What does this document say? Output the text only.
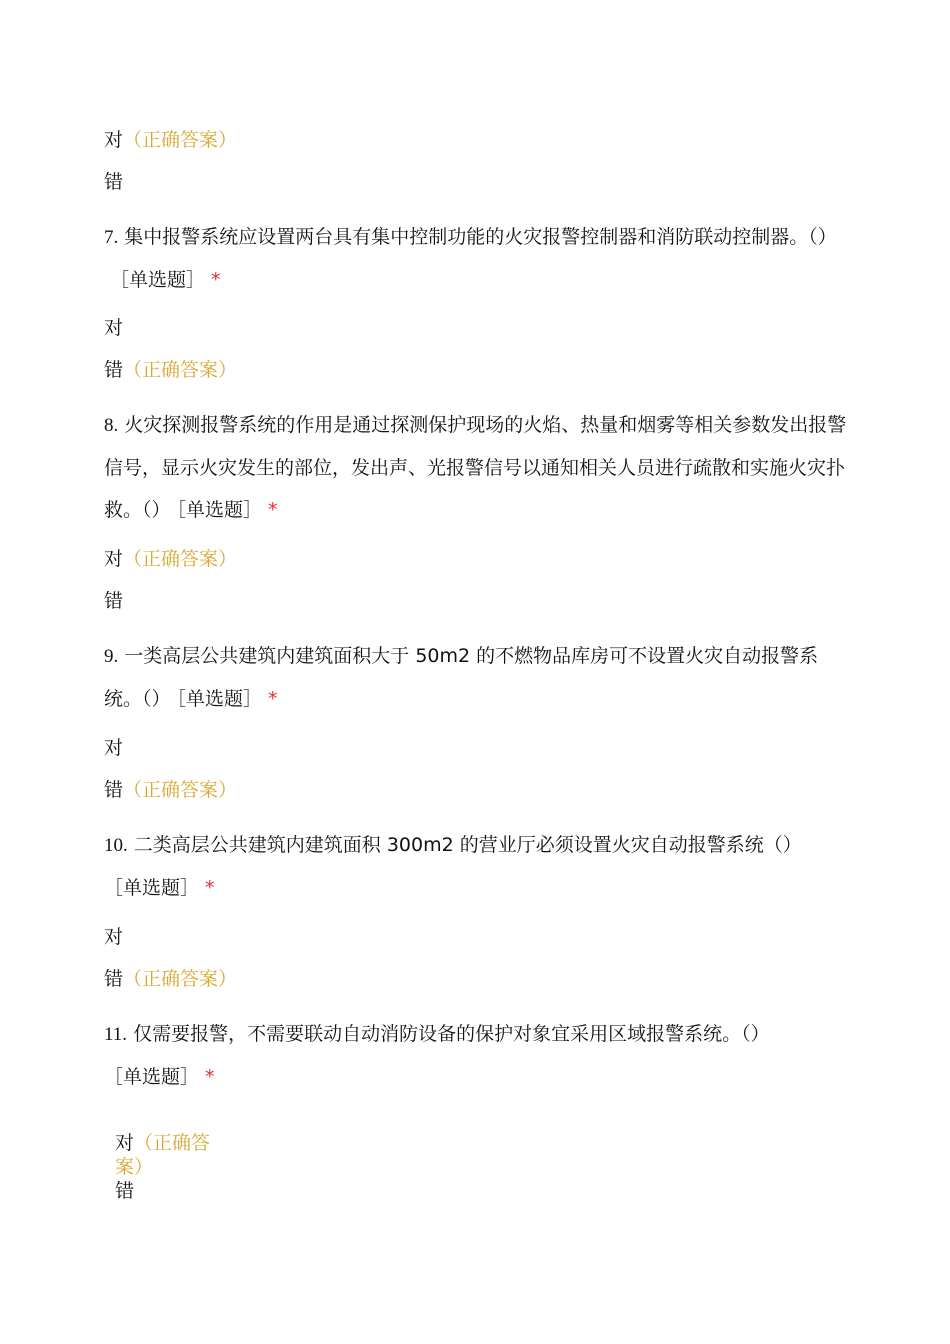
对（正确答案）
错
7. 集中报警系统应设置两台具有集中控制功能的火灾报警控制器和消防联动控制器。（）［单选题］ *
对
错（正确答案）
8. 火灾探测报警系统的作用是通过探测保护现场的火焰、热量和烟雾等相关参数发出报警信号，显示火灾发生的部位，发出声、光报警信号以通知相关人员进行疏散和实施火灾扑救。（） ［单选题］ *
对（正确答案）
错
9. 一类高层公共建筑内建筑面积大于 50m2 的不燃物品库房可不设置火灾自动报警系统。（） ［单选题］ *
对
错（正确答案）
10. 二类高层公共建筑内建筑面积 300m2 的营业厅必须设置火灾自动报警系统（）
［单选题］ *
对
错（正确答案）
11. 仅需要报警，不需要联动自动消防设备的保护对象宜采用区域报警系统。（）
［单选题］ *
对（正确答案）
错
